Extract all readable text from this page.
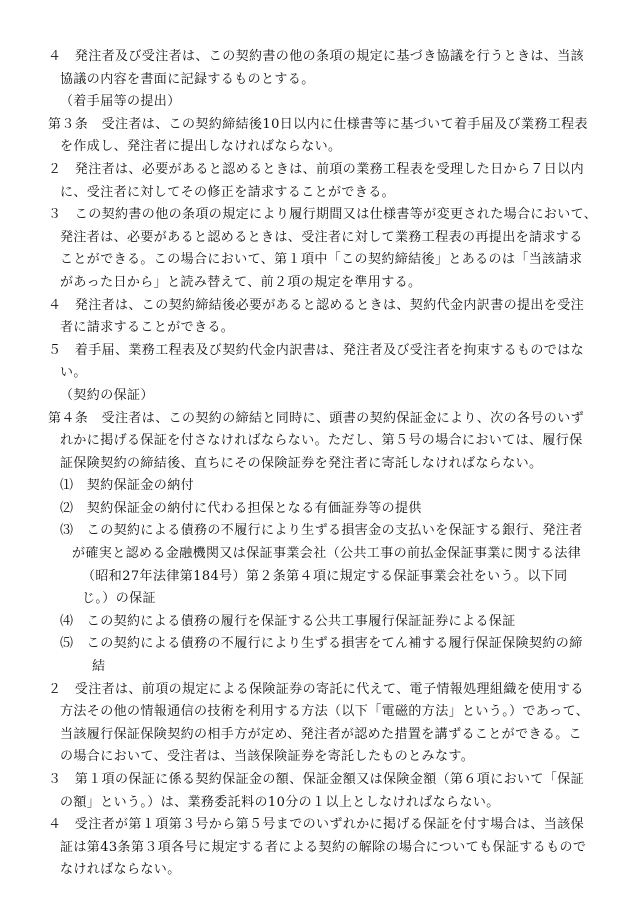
４　発注者及び受注者は、この契約書の他の条項の規定に基づき協議を行うときは、当該
協議の内容を書面に記録するものとする。
（着手届等の提出）
第３条　受注者は、この契約締結後10日以内に仕様書等に基づいて着手届及び業務工程表
を作成し、発注者に提出しなければならない。
２　発注者は、必要があると認めるときは、前項の業務工程表を受理した日から７日以内
に、受注者に対してその修正を請求することができる。
３　この契約書の他の条項の規定により履行期間又は仕様書等が変更された場合において、
発注者は、必要があると認めるときは、受注者に対して業務工程表の再提出を請求する
ことができる。この場合において、第１項中「この契約締結後」とあるのは「当該請求
があった日から」と読み替えて、前２項の規定を準用する。
４　発注者は、この契約締結後必要があると認めるときは、契約代金内訳書の提出を受注
者に請求することができる。
５　着手届、業務工程表及び契約代金内訳書は、発注者及び受注者を拘束するものではな
い。
（契約の保証）
第４条　受注者は、この契約の締結と同時に、頭書の契約保証金により、次の各号のいず
れかに掲げる保証を付さなければならない。ただし、第５号の場合においては、履行保
証保険契約の締結後、直ちにその保険証券を発注者に寄託しなければならない。
⑴　契約保証金の納付
⑵　契約保証金の納付に代わる担保となる有価証券等の提供
⑶　この契約による債務の不履行により生ずる損害金の支払いを保証する銀行、発注者
が確実と認める金融機関又は保証事業会社（公共工事の前払金保証事業に関する法律
（昭和27年法律第184号）第２条第４項に規定する保証事業会社をいう。以下同
じ。）の保証
⑷　この契約による債務の履行を保証する公共工事履行保証証券による保証
⑸　この契約による債務の不履行により生ずる損害をてん補する履行保証保険契約の締
結
２　受注者は、前項の規定による保険証券の寄託に代えて、電子情報処理組織を使用する
方法その他の情報通信の技術を利用する方法（以下「電磁的方法」という。）であって、
当該履行保証保険契約の相手方が定め、発注者が認めた措置を講ずることができる。こ
の場合において、受注者は、当該保険証券を寄託したものとみなす。
３　第１項の保証に係る契約保証金の額、保証金額又は保険金額（第６項において「保証
の額」という。）は、業務委託料の10分の１以上としなければならない。
４　受注者が第１項第３号から第５号までのいずれかに掲げる保証を付す場合は、当該保
証は第43条第３項各号に規定する者による契約の解除の場合についても保証するもので
なければならない。
